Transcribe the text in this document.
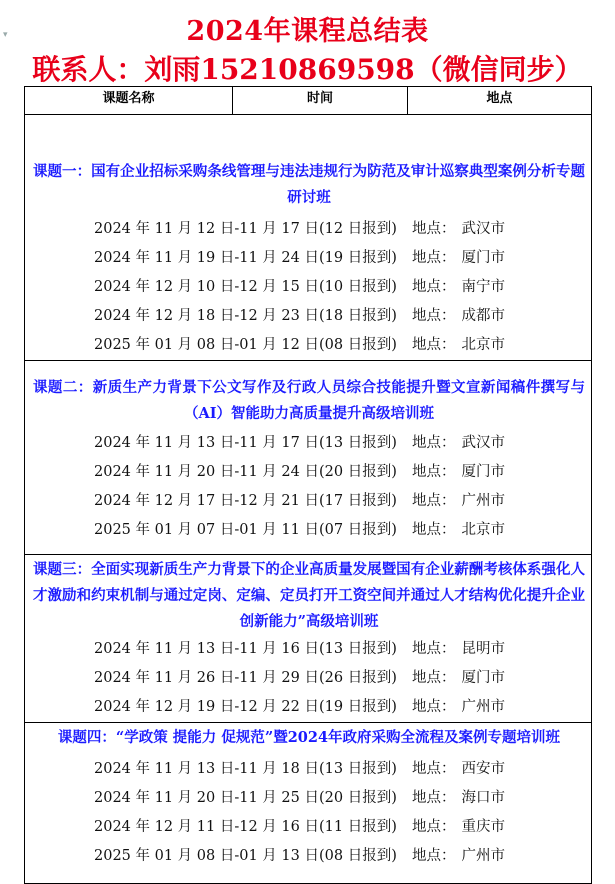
2024年课程总结表
▾
联系人：刘雨15210869598（微信同步）
课题名称	时间	地点

课题一：国有企业招标采购条线管理与违法违规行为防范及审计巡察典型案例分析专题研讨班
2024 年 11 月 12 日-11 月 17 日(12 日报到)	地点： 武汉市
2024 年 11 月 19 日-11 月 24 日(19 日报到)	地点： 厦门市
2024 年 12 月 10 日-12 月 15 日(10 日报到)	地点： 南宁市
2024 年 12 月 18 日-12 月 23 日(18 日报到)	地点： 成都市
2025 年 01 月 08 日-01 月 12 日(08 日报到)	地点： 北京市

课题二：新质生产力背景下公文写作及行政人员综合技能提升暨文宣新闻稿件撰写与（AI）智能助力高质量提升高级培训班
2024 年 11 月 13 日-11 月 17 日(13 日报到)	地点： 武汉市
2024 年 11 月 20 日-11 月 24 日(20 日报到)	地点： 厦门市
2024 年 12 月 17 日-12 月 21 日(17 日报到)	地点： 广州市
2025 年 01 月 07 日-01 月 11 日(07 日报到)	地点： 北京市

课题三：全面实现新质生产力背景下的企业高质量发展暨国有企业薪酬考核体系强化人才激励和约束机制与通过定岗、定编、定员打开工资空间并通过人才结构优化提升企业创新能力”高级培训班
2024 年 11 月 13 日-11 月 16 日(13 日报到)	地点： 昆明市
2024 年 11 月 26 日-11 月 29 日(26 日报到)	地点： 厦门市
2024 年 12 月 19 日-12 月 22 日(19 日报到)	地点： 广州市

课题四：“学政策 提能力 促规范”暨2024年政府采购全流程及案例专题培训班
2024 年 11 月 13 日-11 月 18 日(13 日报到)	地点： 西安市
2024 年 11 月 20 日-11 月 25 日(20 日报到)	地点： 海口市
2024 年 12 月 11 日-12 月 16 日(11 日报到)	地点： 重庆市
2025 年 01 月 08 日-01 月 13 日(08 日报到)	地点： 广州市
